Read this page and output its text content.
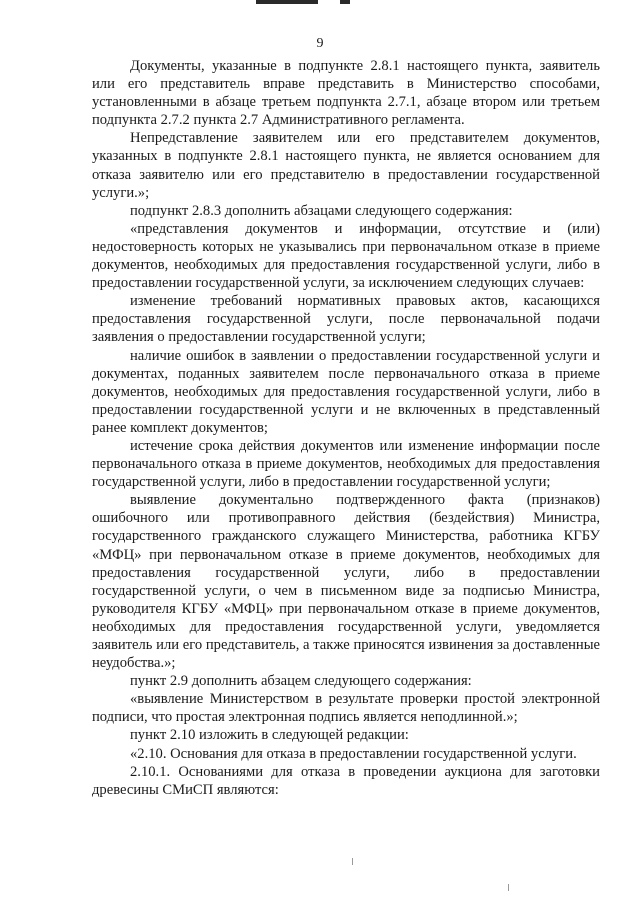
9

Документы, указанные в подпункте 2.8.1 настоящего пункта, заявитель или его представитель вправе представить в Министерство способами, установленными в абзаце третьем подпункта 2.7.1, абзаце втором или третьем подпункта 2.7.2 пункта 2.7 Административного регламента.

Непредставление заявителем или его представителем документов, указанных в подпункте 2.8.1 настоящего пункта, не является основанием для отказа заявителю или его представителю в предоставлении государственной услуги.»;

подпункт 2.8.3 дополнить абзацами следующего содержания:

«представления документов и информации, отсутствие и (или) недостоверность которых не указывались при первоначальном отказе в приеме документов, необходимых для предоставления государственной услуги, либо в предоставлении государственной услуги, за исключением следующих случаев:

изменение требований нормативных правовых актов, касающихся предоставления государственной услуги, после первоначальной подачи заявления о предоставлении государственной услуги;

наличие ошибок в заявлении о предоставлении государственной услуги и документах, поданных заявителем после первоначального отказа в приеме документов, необходимых для предоставления государственной услуги, либо в предоставлении государственной услуги и не включенных в представленный ранее комплект документов;

истечение срока действия документов или изменение информации после первоначального отказа в приеме документов, необходимых для предоставления государственной услуги, либо в предоставлении государственной услуги;

выявление документально подтвержденного факта (признаков) ошибочного или противоправного действия (бездействия) Министра, государственного гражданского служащего Министерства, работника КГБУ «МФЦ» при первоначальном отказе в приеме документов, необходимых для предоставления государственной услуги, либо в предоставлении государственной услуги, о чем в письменном виде за подписью Министра, руководителя КГБУ «МФЦ» при первоначальном отказе в приеме документов, необходимых для предоставления государственной услуги, уведомляется заявитель или его представитель, а также приносятся извинения за доставленные неудобства.»;

пункт 2.9 дополнить абзацем следующего содержания:

«выявление Министерством в результате проверки простой электронной подписи, что простая электронная подпись является неподлинной.»;

пункт 2.10 изложить в следующей редакции:

«2.10. Основания для отказа в предоставлении государственной услуги.

2.10.1. Основаниями для отказа в проведении аукциона для заготовки древесины СМиСП являются:
